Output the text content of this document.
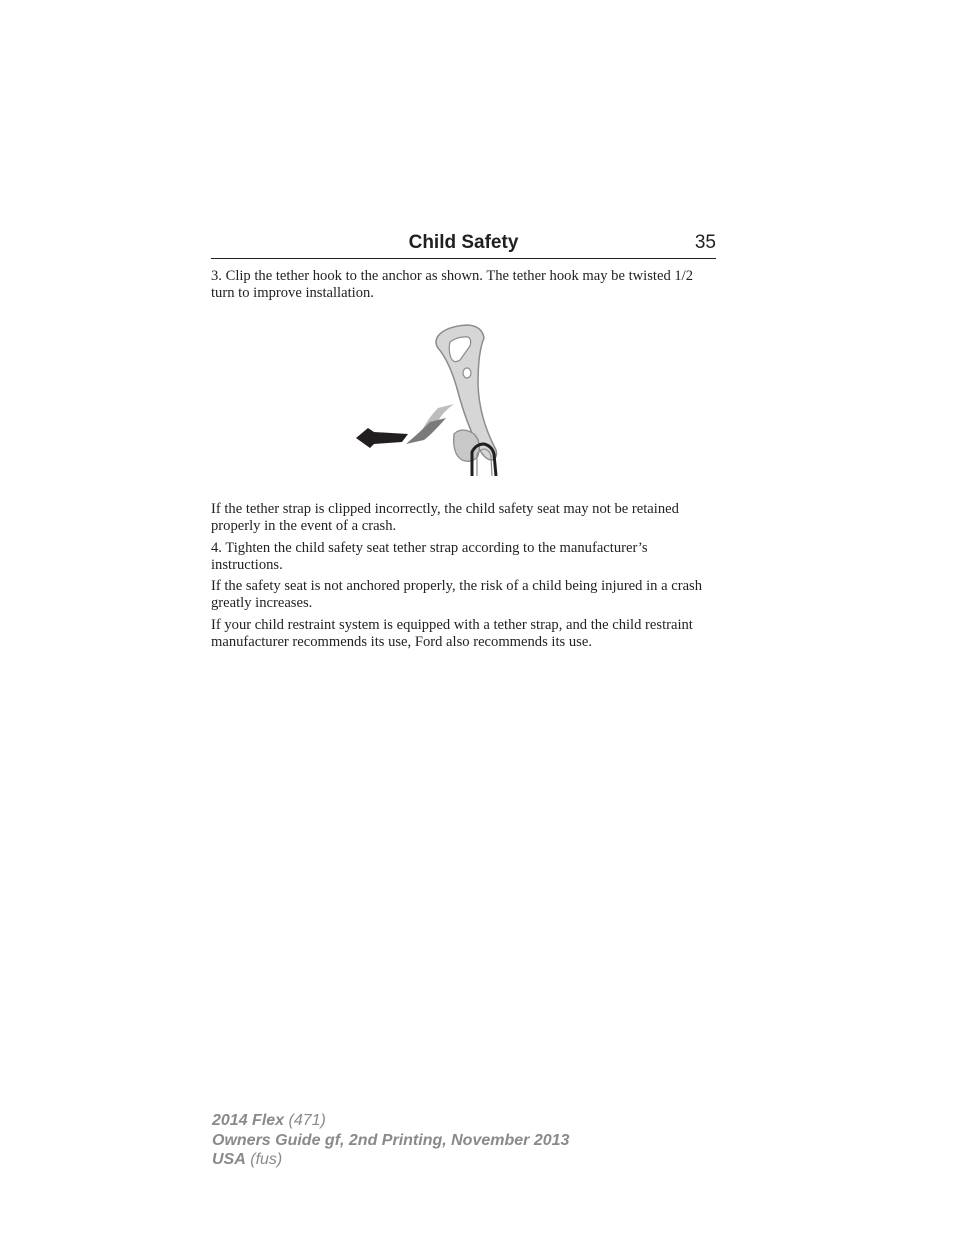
Child Safety	35

3. Clip the tether hook to the anchor as shown. The tether hook may be twisted 1/2 turn to improve installation.

If the tether strap is clipped incorrectly, the child safety seat may not be retained properly in the event of a crash.

4. Tighten the child safety seat tether strap according to the manufacturer’s instructions.

If the safety seat is not anchored properly, the risk of a child being injured in a crash greatly increases.

If your child restraint system is equipped with a tether strap, and the child restraint manufacturer recommends its use, Ford also recommends its use.

2014 Flex (471)
Owners Guide gf, 2nd Printing, November 2013
USA (fus)
